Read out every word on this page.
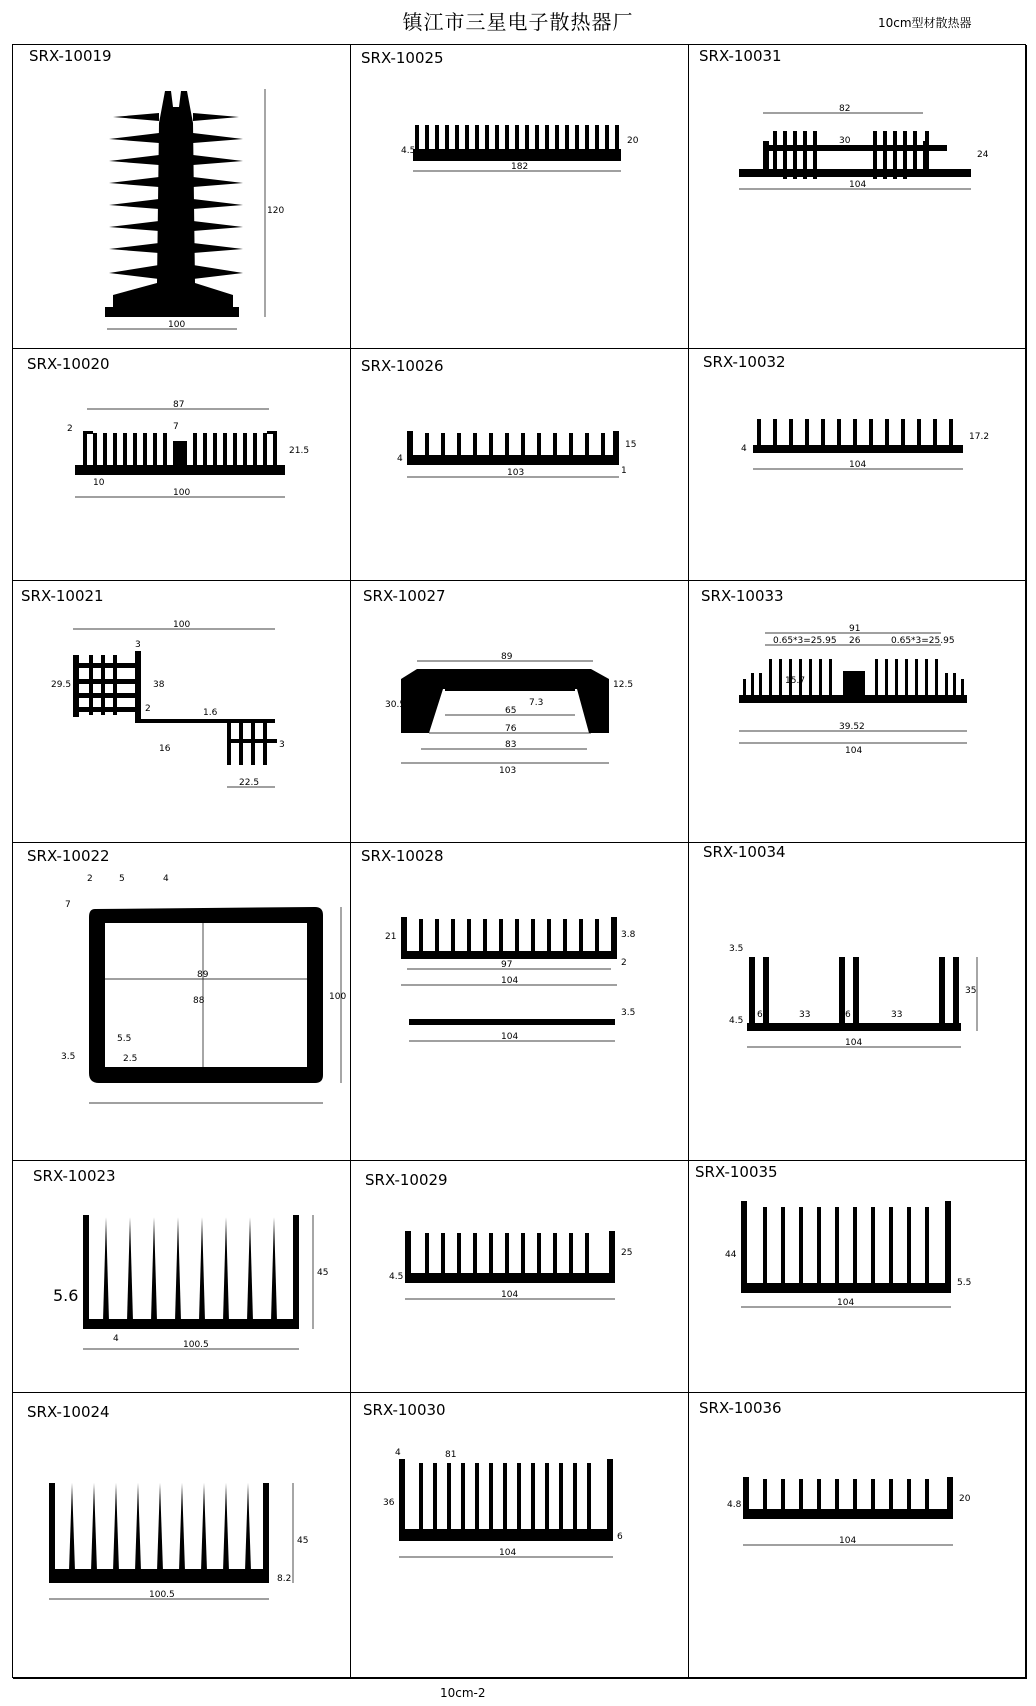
镇江市三星电子散热器厂	10cm型材散热器
SRX-10019
100
120
SRX-10025
182
4.5
20
SRX-10031
82
30
24
104
SRX-10020
87
2	7
21.5
10
100
SRX-10026
103
4
15
1
SRX-10032
104
4
17.2
SRX-10021
100
3
29.5	38
2	1.6
16	3
22.5
SRX-10027
89
12.5
30.5	7.3
65
76
83
103
SRX-10033
91
0.65*3=25.95	0.65*3=25.95
26
15.7
39.52
104
SRX-10022
2	5	4
7
89
88	100
5.5
3.5	2.5
SRX-10028
21	3.8
97	2
104
3.5
104
SRX-10034
3.5
4.5
6	33	6	33
35
104
SRX-10023
5.6
45
4
100.5
SRX-10029
4.5
25
104
SRX-10035
44
5.5
104
SRX-10024
45
8.2
100.5
SRX-10030
4	81
36
6
104
SRX-10036
4.8
20
104
10cm-2
